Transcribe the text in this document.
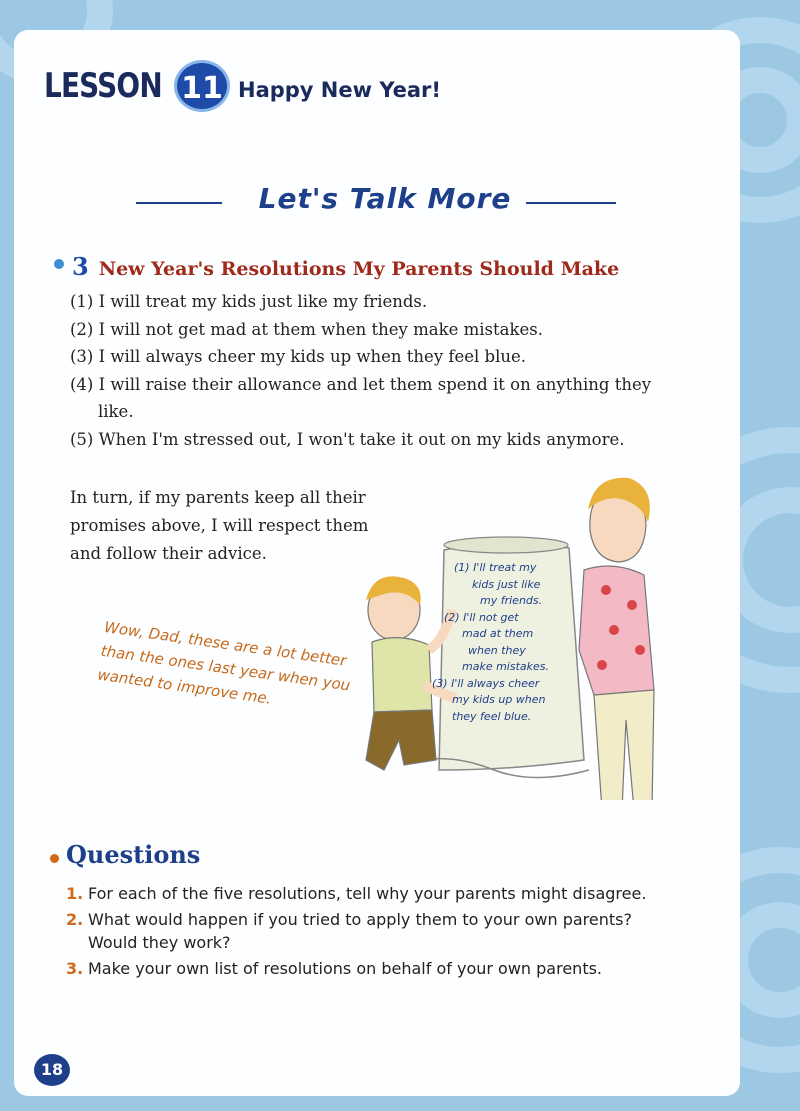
LESSON 11 Happy New Year!
Let's Talk More
3 New Year's Resolutions My Parents Should Make
(1) I will treat my kids just like my friends.
(2) I will not get mad at them when they make mistakes.
(3) I will always cheer my kids up when they feel blue.
(4) I will raise their allowance and let them spend it on anything they like.
(5) When I'm stressed out, I won't take it out on my kids anymore.
In turn, if my parents keep all their promises above, I will respect them and follow their advice.
(1) I'll treat my
kids just like
my friends.
(2) I'll not get
mad at them
when they
make mistakes.
(3) I'll always cheer
my kids up when
they feel blue.
Wow, Dad, these are a lot better than the ones last year when you wanted to improve me.
Questions
1. For each of the five resolutions, tell why your parents might disagree.
2. What would happen if you tried to apply them to your own parents? Would they work?
3. Make your own list of resolutions on behalf of your own parents.
18
